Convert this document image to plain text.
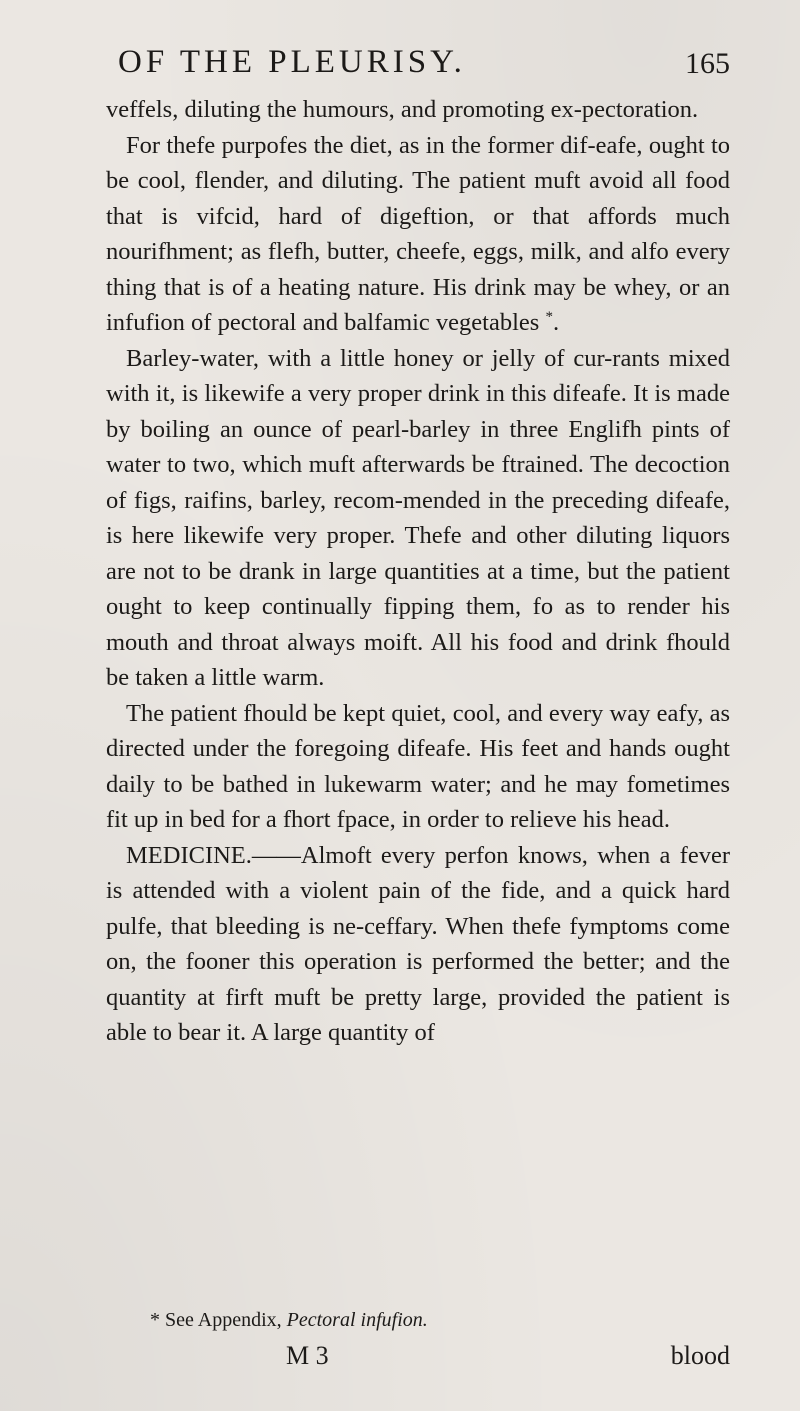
OF THE PLEURISY.	165

veffels, diluting the humours, and promoting ex-pectoration.

For thefe purpofes the diet, as in the former dif-eafe, ought to be cool, flender, and diluting. The patient muft avoid all food that is vifcid, hard of digeftion, or that affords much nourifhment; as flefh, butter, cheefe, eggs, milk, and alfo every thing that is of a heating nature. His drink may be whey, or an infufion of pectoral and balfamic vegetables *.

Barley-water, with a little honey or jelly of cur-rants mixed with it, is likewife a very proper drink in this difeafe. It is made by boiling an ounce of pearl-barley in three Englifh pints of water to two, which muft afterwards be ftrained. The decoction of figs, raifins, barley, recom-mended in the preceding difeafe, is here likewife very proper. Thefe and other diluting liquors are not to be drank in large quantities at a time, but the patient ought to keep continually fipping them, fo as to render his mouth and throat always moift. All his food and drink fhould be taken a little warm.

The patient fhould be kept quiet, cool, and every way eafy, as directed under the foregoing difeafe. His feet and hands ought daily to be bathed in lukewarm water; and he may fometimes fit up in bed for a fhort fpace, in order to relieve his head.

MEDICINE.——Almoft every perfon knows, when a fever is attended with a violent pain of the fide, and a quick hard pulfe, that bleeding is ne-ceffary. When thefe fymptoms come on, the fooner this operation is performed the better; and the quantity at firft muft be pretty large, provided the patient is able to bear it. A large quantity of

* See Appendix, Pectoral infufion.
M 3	blood
